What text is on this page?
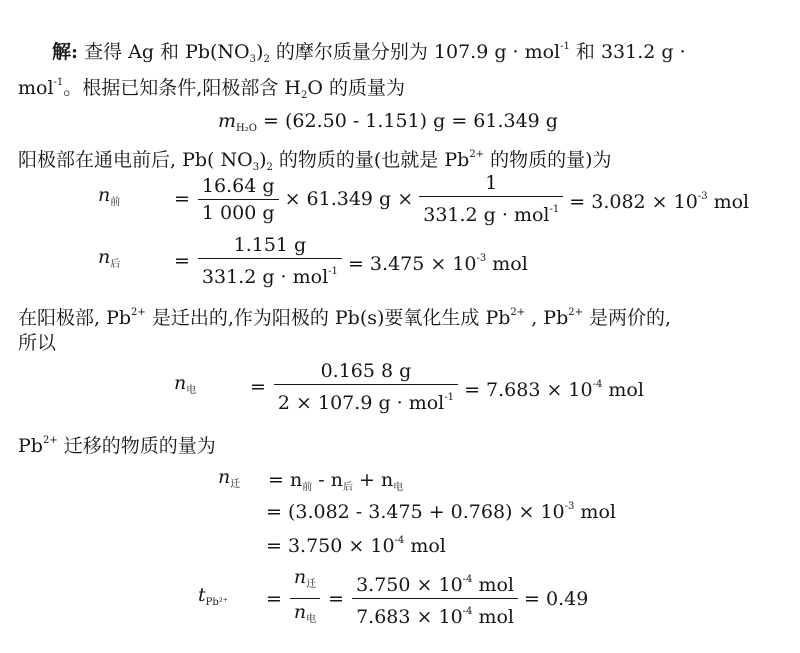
解: 查得 Ag 和 $Pb(NO_3)_2$ 的摩尔质量分别为 107.9 g · mol$^{-1}$ 和 331.2 g ·
mol$^{-1}$。根据已知条件,阳极部含 $H_2O$ 的质量为
$m_{H_2O} = (62.50 - 1.151) g = 61.349$ g
阳极部在通电前后, Pb( $NO_3)_2$ 的物质的量(也就是 $Pb^{2+}$ 的物质的量)为
$n_前$	= $\frac{16.64 g}{1 000 g} \times 61.349$ $g \times \frac{1}{331.2 g \cdot mol^{-1}} = 3.082 \times 10^{-3}$ mol
$n_后$	= $\frac{1.151 g}{331.2 g \cdot mol^{-1}} = 3.475 \times 10^{-3}$ mol
在阳极部, $Pb^{2+}$ 是迁出的,作为阳极的 Pb(s)要氧化生成 $Pb^{2+}$ , $Pb^{2+}$ 是两价的,
所以
$n_电$	= $\frac{0.165 8 g}{2 \times 107.9 g \cdot mol^{-1}} = 7.683 \times 10^{-4}$ mol
$Pb^{2+}$ 迁移的物质的量为
$n_迁 = n_前 - n_后 + n_电$
= $(3.082 - 3.475 + 0.768) \times 10^{-3}$ mol
= $3.750 \times 10^{-4}$ mol
$t_{Pb^{2+}} = \frac{n_迁}{n_电} = \frac{3.750 \times 10^{-4} mol}{7.683 \times 10^{-4} mol} = 0.49$
